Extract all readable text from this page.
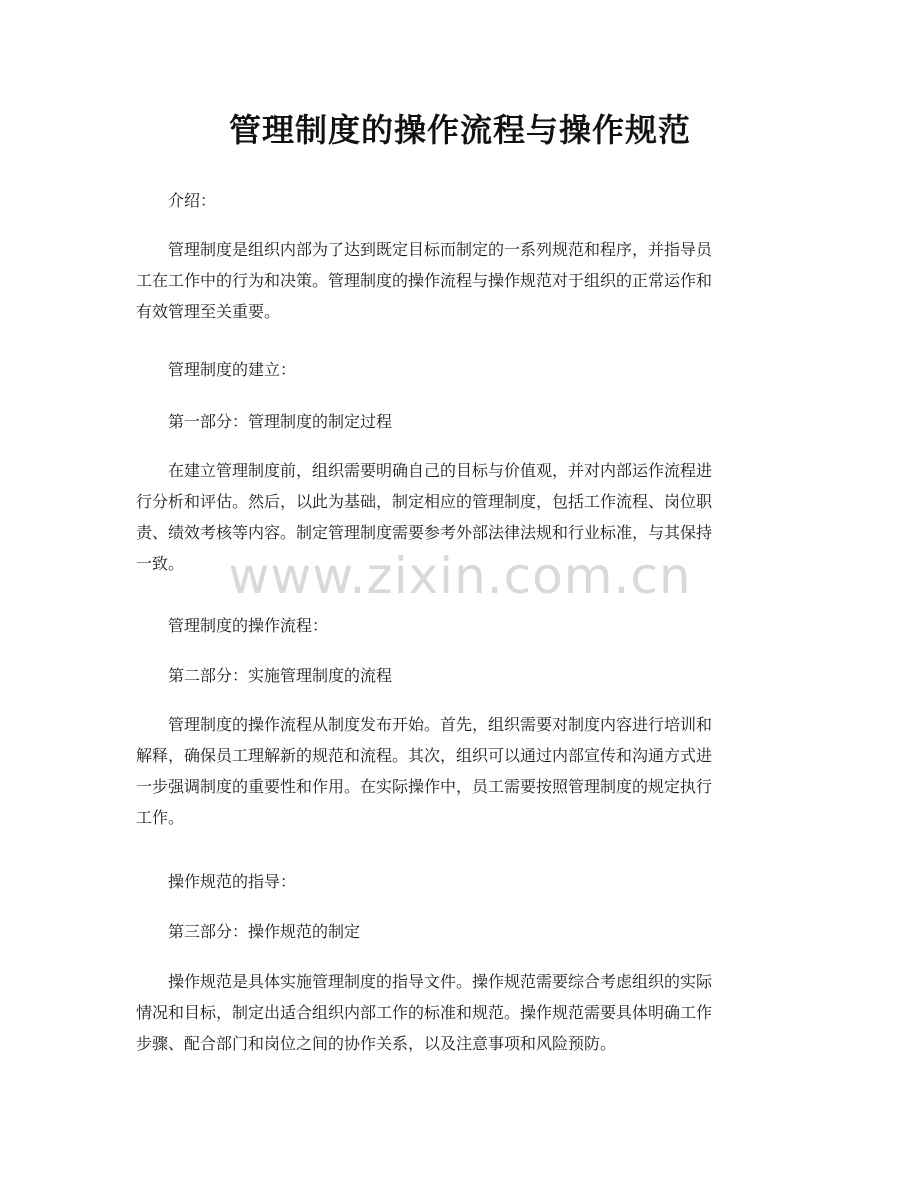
管理制度的操作流程与操作规范
www.zixin.com.cn

介绍：

管理制度是组织内部为了达到既定目标而制定的一系列规范和程序，并指导员
工在工作中的行为和决策。管理制度的操作流程与操作规范对于组织的正常运作和
有效管理至关重要。

管理制度的建立：

第一部分：管理制度的制定过程

在建立管理制度前，组织需要明确自己的目标与价值观，并对内部运作流程进
行分析和评估。然后，以此为基础，制定相应的管理制度，包括工作流程、岗位职
责、绩效考核等内容。制定管理制度需要参考外部法律法规和行业标准，与其保持
一致。

管理制度的操作流程：

第二部分：实施管理制度的流程

管理制度的操作流程从制度发布开始。首先，组织需要对制度内容进行培训和
解释，确保员工理解新的规范和流程。其次，组织可以通过内部宣传和沟通方式进
一步强调制度的重要性和作用。在实际操作中，员工需要按照管理制度的规定执行
工作。

操作规范的指导：

第三部分：操作规范的制定

操作规范是具体实施管理制度的指导文件。操作规范需要综合考虑组织的实际
情况和目标，制定出适合组织内部工作的标准和规范。操作规范需要具体明确工作
步骤、配合部门和岗位之间的协作关系，以及注意事项和风险预防。
